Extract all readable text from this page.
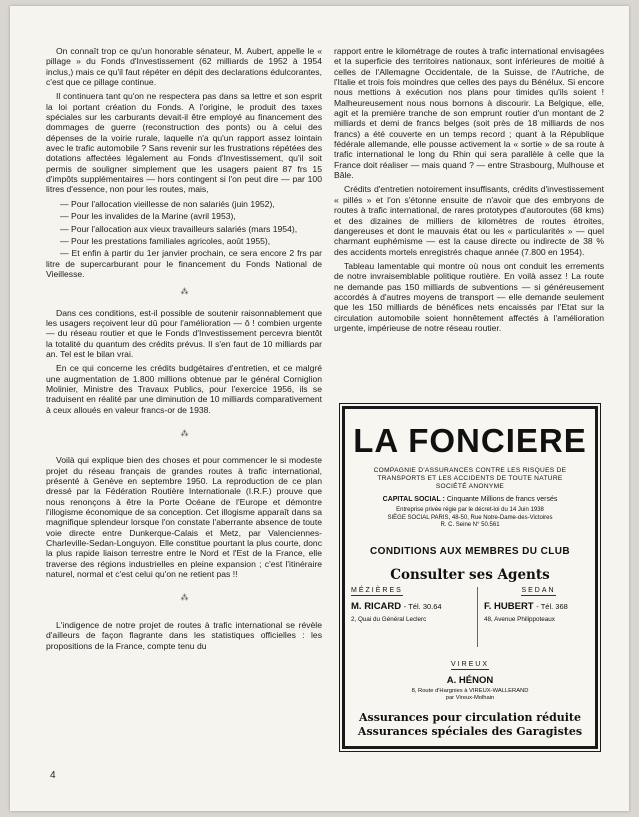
On connaît trop ce qu'un honorable sénateur, M. Aubert, appelle le « pillage » du Fonds d'Investissement (62 milliards de 1952 à 1954 inclus,) mais ce qu'il faut répéter en dépit des declarations édulcorantes, c'est que ce pillage continue.

Il continuera tant qu'on ne respectera pas dans sa lettre et son esprit la loi portant création du Fonds. A l'origine, le produit des taxes spéciales sur les carburants devait-il être employé au financement des dommages de guerre (reconstruction des ponts) ou à celui des dépenses de la voirie rurale, laquelle n'a qu'un rapport assez lointain avec le trafic automobile ? Sans revenir sur les frustrations répétées des dotations affectées légalement au Fonds d'Investissement, qu'il soit permis de souligner simplement que les usagers paient 87 frs 15 d'impôts supplémentaires — hors contingent si l'on peut dire — par 100 litres d'essence, non pour les routes, mais,

— Pour l'allocation vieillesse de non salariés (juin 1952),

— Pour les invalides de la Marine (avril 1953),

— Pour l'allocation aux vieux travailleurs salariés (mars 1954),

— Pour les prestations familiales agricoles, août 1955),

— Et enfin à partir du 1er janvier prochain, ce sera encore 2 frs par litre de supercarburant pour le financement du Fonds National de Vieillesse.

⁂

Dans ces conditions, est-il possible de soutenir raisonnablement que les usagers reçoivent leur dû pour l'amélioration — ô ! combien urgente — du réseau routier et que le Fonds d'Investissement percevra bientôt la totalité du quantum des crédits prévus. Il s'en faut de 10 milliards par an. Tel est le bilan vrai.

En ce qui concerne les crédits budgétaires d'entretien, et ce malgré une augmentation de 1.800 millions obtenue par le général Corniglion Molinier, Ministre des Travaux Publics, pour l'exercice 1956, ils se traduisent en réalité par une diminution de 10 milliards comparativement à ceux alloués en valeur francs-or de 1938.

⁂

Voilà qui explique bien des choses et pour commencer le si modeste projet du réseau français de grandes routes à trafic international, présenté à Genève en septembre 1950. La reproduction de ce plan dressé par la Fédération Routière Internationale (I.R.F.) prouve que nous renonçons à être la Porte Océane de l'Europe et démontre l'illogisme économique de sa conception. Cet illogisme apparaît dans sa magnifique splendeur lorsque l'on constate l'aberrante absence de toute voie directe entre Dunkerque-Calais et Metz, par Valenciennes-Charleville-Sedan-Longuyon. Elle constitue pourtant la plus courte, donc la plus rapide liaison terrestre entre le Nord et l'Est de la France, elle traverse des régions industrielles en pleine expansion ; c'est l'itinéraire naturel, normal et c'est celui qu'on ne retient pas !!

⁂

L'indigence de notre projet de routes à trafic international se révèle d'ailleurs de façon flagrante dans les statistiques officielles : les propositions de la France, compte tenu du

rapport entre le kilométrage de routes à trafic international envisagées et la superficie des territoires nationaux, sont inférieures de moitié à celles de l'Allemagne Occidentale, de la Suisse, de l'Autriche, de l'Italie et trois fois moindres que celles des pays du Bénélux. Si encore nous mettions à exécution nos plans pour timides qu'ils soient ! Malheureusement nous nous bornons à discourir. La Belgique, elle, agit et la première tranche de son emprunt routier d'un montant de 2 milliards et demi de francs belges (soit près de 18 milliards de nos francs) a été couverte en un temps record ; quant à la République fédérale allemande, elle pousse activement la « sortie » de sa route à trafic international le long du Rhin qui sera parallèle à celle que la France doit réaliser — mais quand ? — entre Strasbourg, Mulhouse et Bâle.

Crédits d'entretien notoirement insuffisants, crédits d'investissement « pillés » et l'on s'étonne ensuite de n'avoir que des embryons de routes à trafic international, de rares prototypes d'autoroutes (68 kms) et des dizaines de milliers de kilomètres de routes étroites, dangereuses et dont le mauvais état ou les « particularités » — quel charmant euphémisme — est la cause directe ou indirecte de 38 % des accidents mortels enregistrés chaque année (7.800 en 1954).

Tableau lamentable qui montre où nous ont conduit les errements de notre invraisemblable politique routière. En voilà assez ! La route ne demande pas 150 milliards de subventions — si généreusement accordés à d'autres moyens de transport — elle demande seulement que les 150 milliards de bénéfices nets encaissés par l'Etat sur la circulation automobile soient honnêtement affectés à l'amélioration urgente, impérieuse de notre réseau routier.

LA FONCIERE
COMPAGNIE D'ASSURANCES CONTRE LES RISQUES DE TRANSPORTS ET LES ACCIDENTS DE TOUTE NATURE SOCIÉTÉ ANONYME
CAPITAL SOCIAL : Cinquante Millions de francs versés
Entreprise privée régie par le décret-loi du 14 Juin 1938
SIÈGE SOCIAL PARIS, 48-50, Rue Notre-Dame-des-Victoires
R. C. Seine N° 50.561
CONDITIONS AUX MEMBRES DU CLUB
Consulter ses Agents
MÉZIÈRES
M. RICARD - Tél. 30.64
2, Quai du Général Leclerc
SEDAN
F. HUBERT - Tél. 368
48, Avenue Philippoteaux
VIREUX
A. HÉNON
8, Route d'Hargnies à VIREUX-WALLERAND
par Vireux-Molhain
Assurances pour circulation réduite
Assurances spéciales des Garagistes
4
